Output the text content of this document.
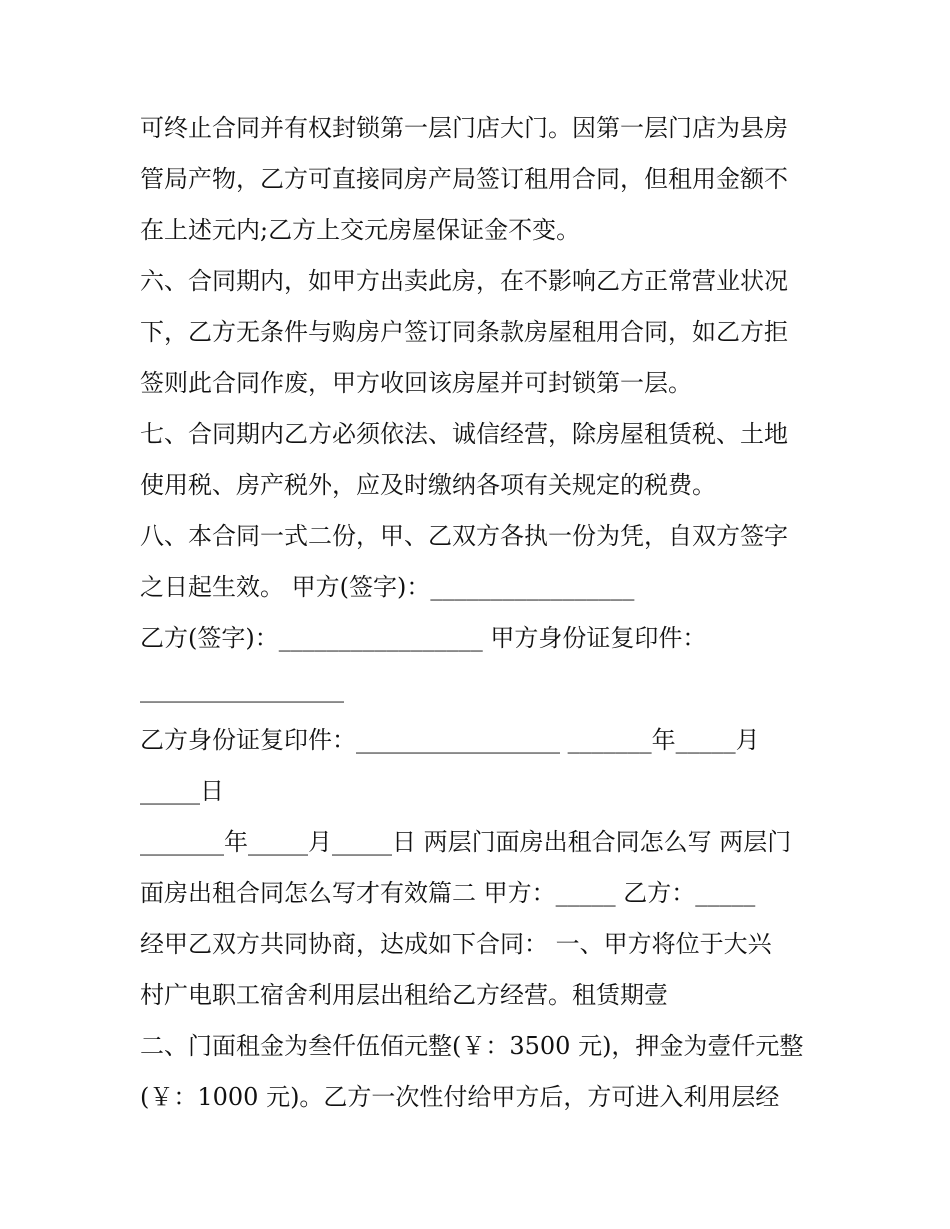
可终止合同并有权封锁第一层门店大门。因第一层门店为县房
管局产物，乙方可直接同房产局签订租用合同，但租用金额不
在上述元内;乙方上交元房屋保证金不变。
六、合同期内，如甲方出卖此房，在不影响乙方正常营业状况
下，乙方无条件与购房户签订同条款房屋租用合同，如乙方拒
签则此合同作废，甲方收回该房屋并可封锁第一层。
七、合同期内乙方必须依法、诚信经营，除房屋租赁税、土地
使用税、房产税外，应及时缴纳各项有关规定的税费。
八、本合同一式二份，甲、乙双方各执一份为凭，自双方签字
之日起生效。 甲方(签字)：_________________
乙方(签字)：_________________ 甲方身份证复印件：
_________________
乙方身份证复印件：_________________ _______年_____月
_____日
_______年_____月_____日 两层门面房出租合同怎么写 两层门
面房出租合同怎么写才有效篇二 甲方：_____ 乙方：_____
经甲乙双方共同协商，达成如下合同： 一、甲方将位于大兴
村广电职工宿舍利用层出租给乙方经营。租赁期壹
二、门面租金为叁仟伍佰元整(￥：3500 元)，押金为壹仟元整
(￥：1000 元)。乙方一次性付给甲方后，方可进入利用层经
